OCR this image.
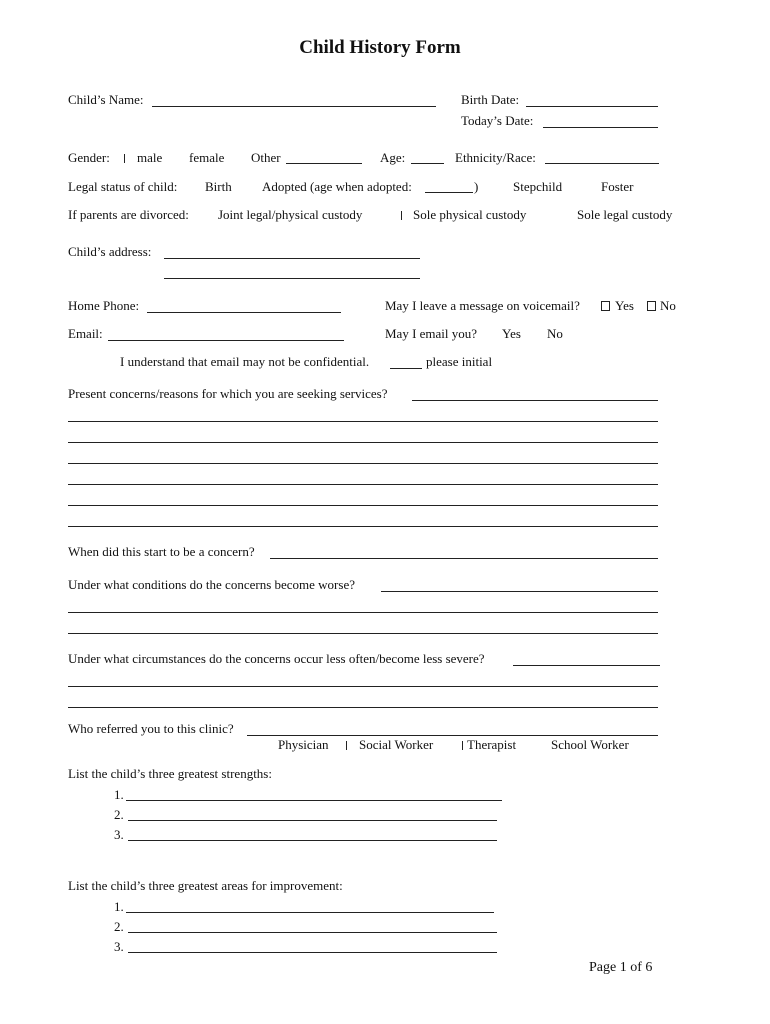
Child History Form
Child’s Name:	Birth Date:
Today’s Date:
Gender: male female Other	Age:	Ethnicity/Race:
Legal status of child: Birth Adopted (age when adopted:	)	Stepchild	Foster
If parents are divorced: Joint legal/physical custody	Sole physical custody	Sole legal custody
Child’s address:
Home Phone:	May I leave a message on voicemail?	Yes No
Email:	May I email you? Yes No
I understand that email may not be confidential.	please initial
Present concerns/reasons for which you are seeking services?
When did this start to be a concern?
Under what conditions do the concerns become worse?
Under what circumstances do the concerns occur less often/become less severe?
Who referred you to this clinic?
Physician Social Worker	Therapist	School Worker
List the child’s three greatest strengths:
1.
2.
3.
List the child’s three greatest areas for improvement:
1.
2.
3.
Page 1 of 6
